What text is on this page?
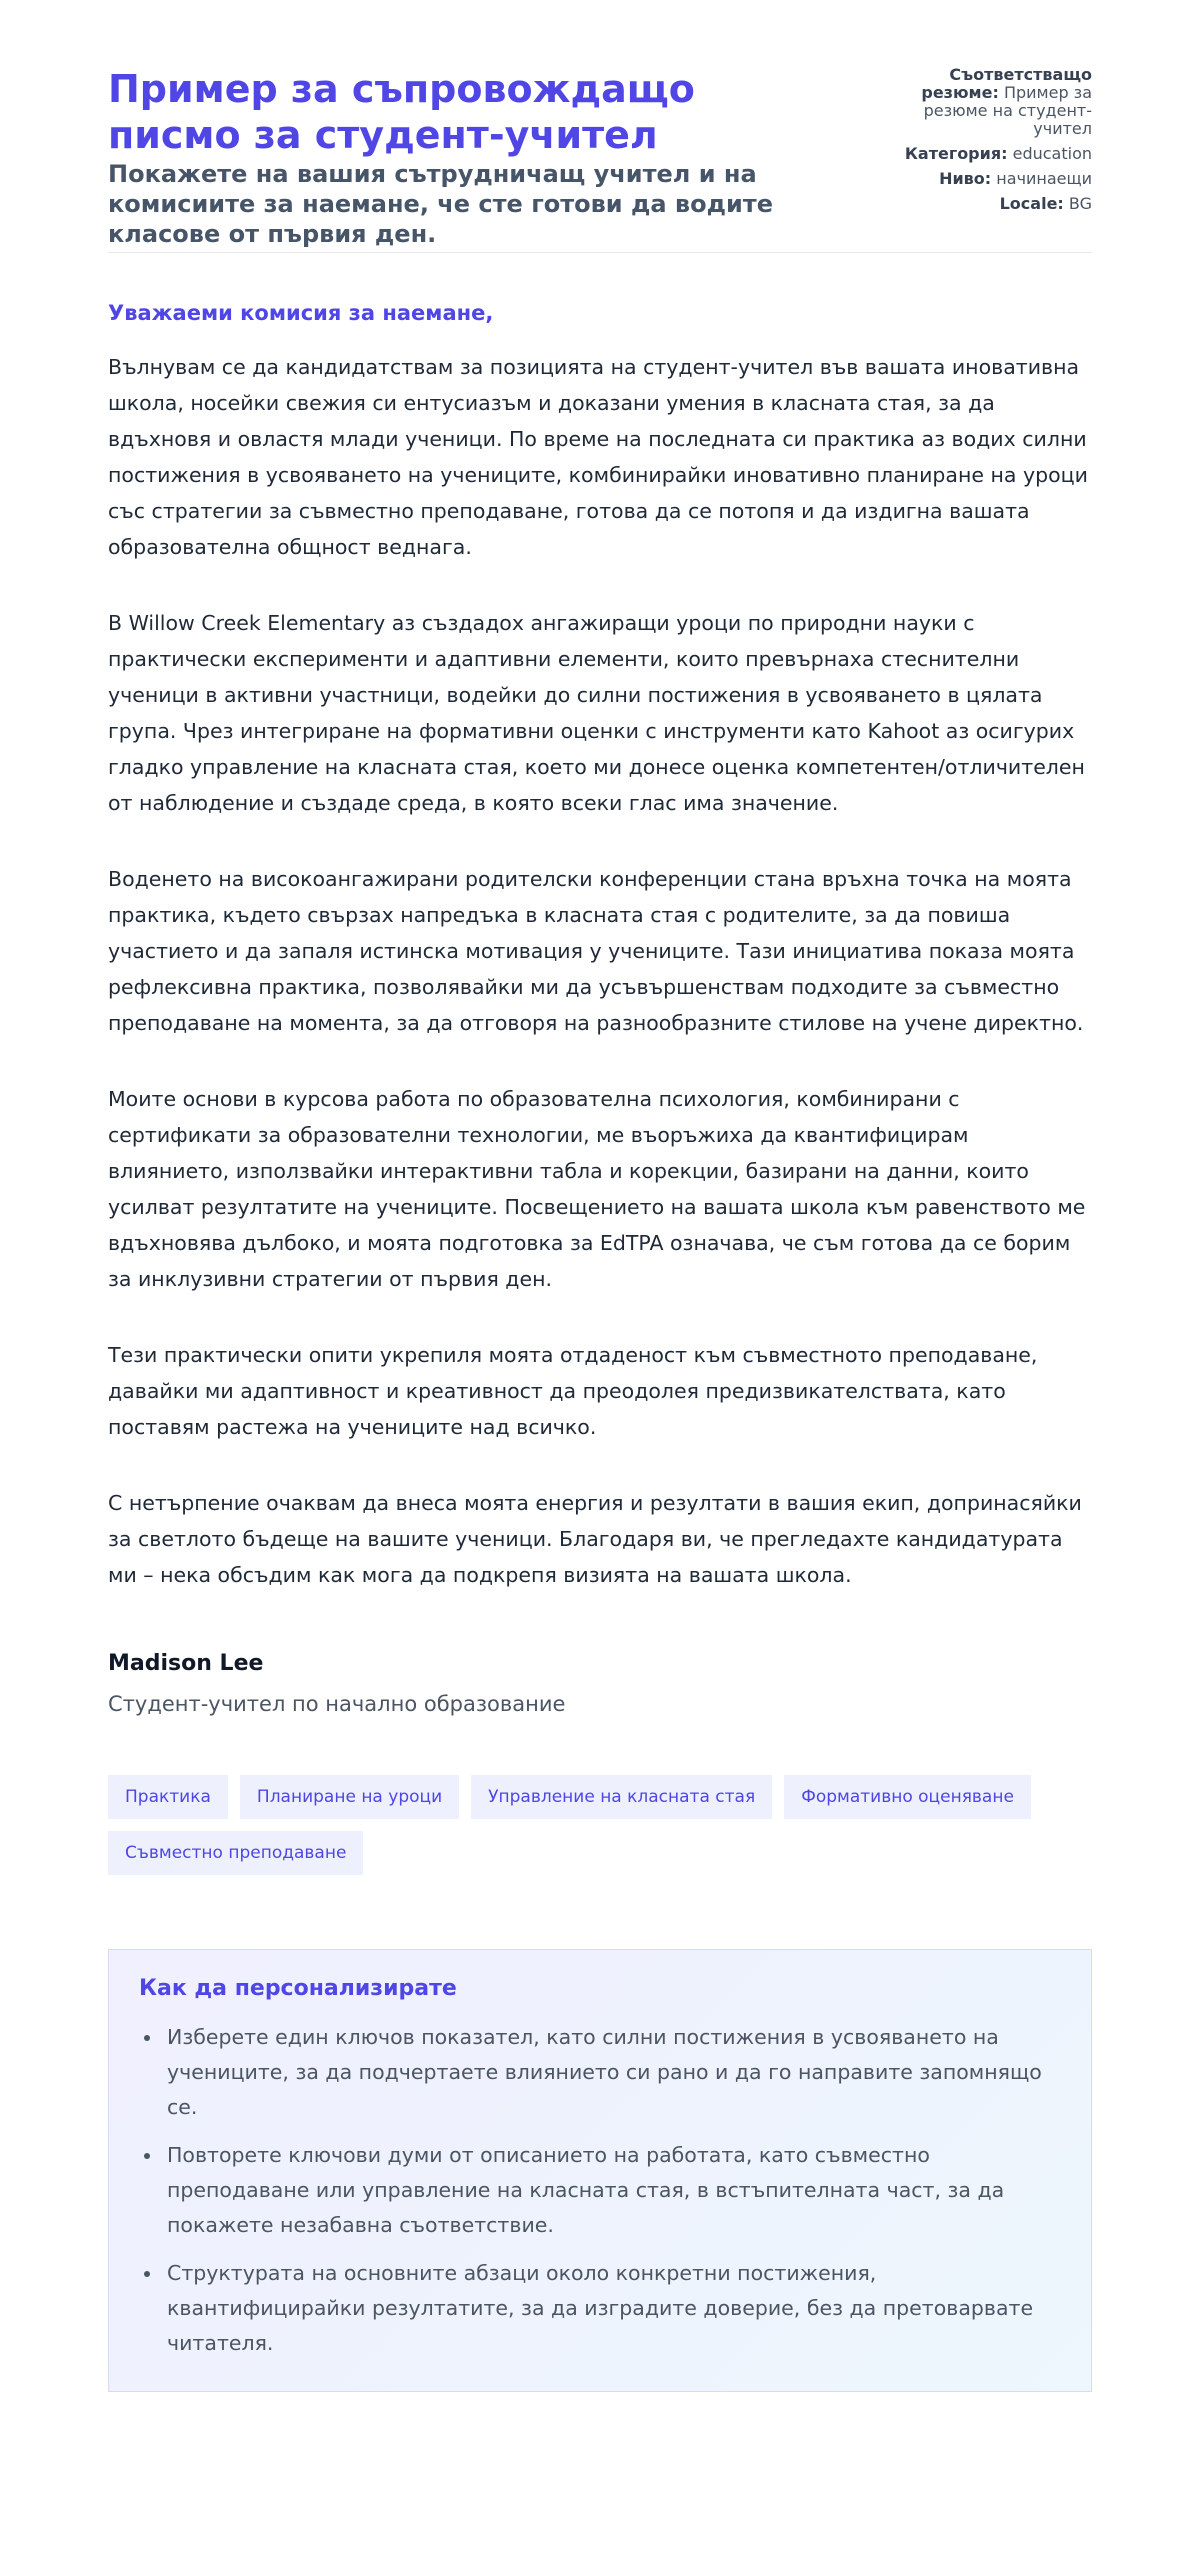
Пример за съпровождащо писмо за студент-учител
Покажете на вашия сътрудничащ учител и на комисиите за наемане, че сте готови да водите класове от първия ден.
Съответстващо резюме: Пример за резюме на студент-учител
Категория: education
Ниво: начинаещи
Locale: BG

Уважаеми комисия за наемане,

Вълнувам се да кандидатствам за позицията на студент-учител във вашата иновативна школа, носейки свежия си ентусиазъм и доказани умения в класната стая, за да вдъхновя и овластя млади ученици. По време на последната си практика аз водих силни постижения в усвояването на учениците, комбинирайки иновативно планиране на уроци със стратегии за съвместно преподаване, готова да се потопя и да издигна вашата образователна общност веднага.

В Willow Creek Elementary аз създадох ангажиращи уроци по природни науки с практически експерименти и адаптивни елементи, които превърнаха стеснителни ученици в активни участници, водейки до силни постижения в усвояването в цялата група. Чрез интегриране на формативни оценки с инструменти като Kahoot аз осигурих гладко управление на класната стая, което ми донесе оценка компетентен/отличителен от наблюдение и създаде среда, в която всеки глас има значение.

Воденето на високоангажирани родителски конференции стана връхна точка на моята практика, където свързах напредъка в класната стая с родителите, за да повиша участието и да запаля истинска мотивация у учениците. Тази инициатива показа моята рефлексивна практика, позволявайки ми да усъвършенствам подходите за съвместно преподаване на момента, за да отговоря на разнообразните стилове на учене директно.

Моите основи в курсова работа по образователна психология, комбинирани с сертификати за образователни технологии, ме въоръжиха да квантифицирам влиянието, използвайки интерактивни табла и корекции, базирани на данни, които усилват резултатите на учениците. Посвещението на вашата школа към равенството ме вдъхновява дълбоко, и моята подготовка за EdTPA означава, че съм готова да се борим за инклузивни стратегии от първия ден.

Тези практически опити укрепиля моята отдаденост към съвместното преподаване, давайки ми адаптивност и креативност да преодолея предизвикателствата, като поставям растежа на учениците над всичко.

С нетърпение очаквам да внеса моята енергия и резултати в вашия екип, допринасяйки за светлото бъдеще на вашите ученици. Благодаря ви, че прегледахте кандидатурата ми – нека обсъдим как мога да подкрепя визията на вашата школа.

Madison Lee
Студент-учител по начално образование
Практика	Планиране на уроци	Управление на класната стая	Формативно оценяване
Съвместно преподаване
Как да персонализирате
• Изберете един ключов показател, като силни постижения в усвояването на учениците, за да подчертаете влиянието си рано и да го направите запомнящо се.
• Повторете ключови думи от описанието на работата, като съвместно преподаване или управление на класната стая, в встъпителната част, за да покажете незабавна съответствие.
• Структурата на основните абзаци около конкретни постижения, квантифицирайки резултатите, за да изградите доверие, без да претоварвате читателя.
